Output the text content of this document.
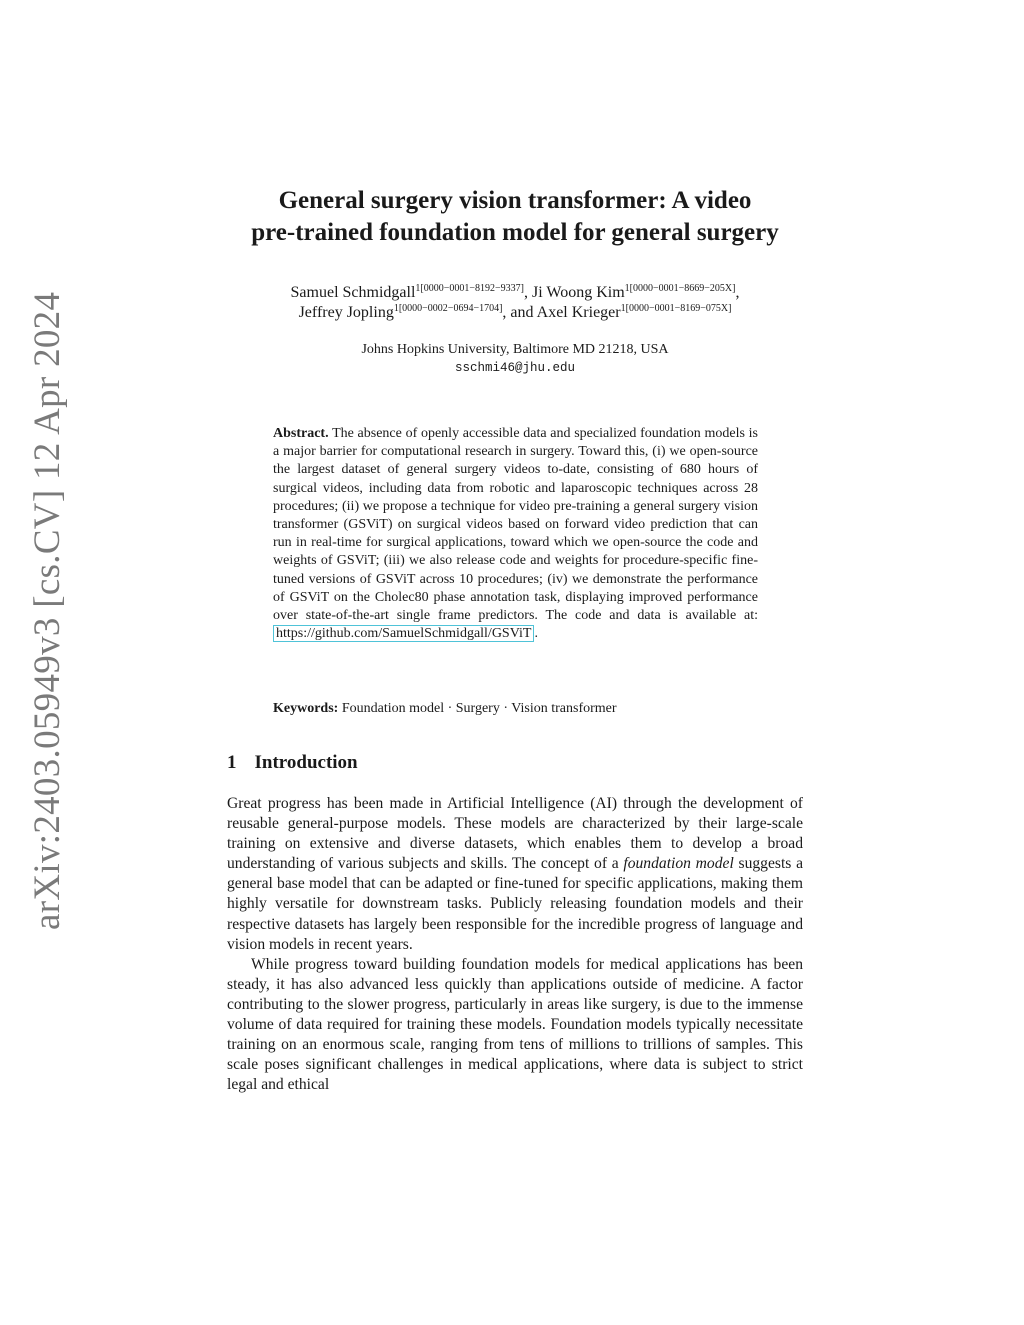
arXiv:2403.05949v3 [cs.CV] 12 Apr 2024
General surgery vision transformer: A video
pre-trained foundation model for general surgery
Samuel Schmidgall$^{1[0000-0001-8192-9337]}$, Ji Woong Kim$^{1[0000-0001-8669-205X]}$,
Jeffrey Jopling$^{1[0000-0002-0694-1704]}$, and Axel Krieger$^{1[0000-0001-8169-075X]}$
Johns Hopkins University, Baltimore MD 21218, USA
sschmi46@jhu.edu

Abstract. The absence of openly accessible data and specialized foundation models is a major barrier for computational research in surgery. Toward this, (i) we open-source the largest dataset of general surgery videos to-date, consisting of 680 hours of surgical videos, including data from robotic and laparoscopic techniques across 28 procedures; (ii) we propose a technique for video pre-training a general surgery vision transformer (GSViT) on surgical videos based on forward video prediction that can run in real-time for surgical applications, toward which we open-source the code and weights of GSViT; (iii) we also release code and weights for procedure-specific fine-tuned versions of GSViT across 10 procedures; (iv) we demonstrate the performance of GSViT on the Cholec80 phase annotation task, displaying improved performance over state-of-the-art single frame predictors. The code and data is available at: https://github.com/SamuelSchmidgall/GSViT .

Keywords: Foundation model · Surgery · Vision transformer

1 Introduction

Great progress has been made in Artificial Intelligence (AI) through the development of reusable general-purpose models. These models are characterized by their large-scale training on extensive and diverse datasets, which enables them to develop a broad understanding of various subjects and skills. The concept of a foundation model suggests a general base model that can be adapted or fine-tuned for specific applications, making them highly versatile for downstream tasks. Publicly releasing foundation models and their respective datasets has largely been responsible for the incredible progress of language and vision models in recent years.

While progress toward building foundation models for medical applications has been steady, it has also advanced less quickly than applications outside of medicine. A factor contributing to the slower progress, particularly in areas like surgery, is due to the immense volume of data required for training these models. Foundation models typically necessitate training on an enormous scale, ranging from tens of millions to trillions of samples. This scale poses significant challenges in medical applications, where data is subject to strict legal and ethical
